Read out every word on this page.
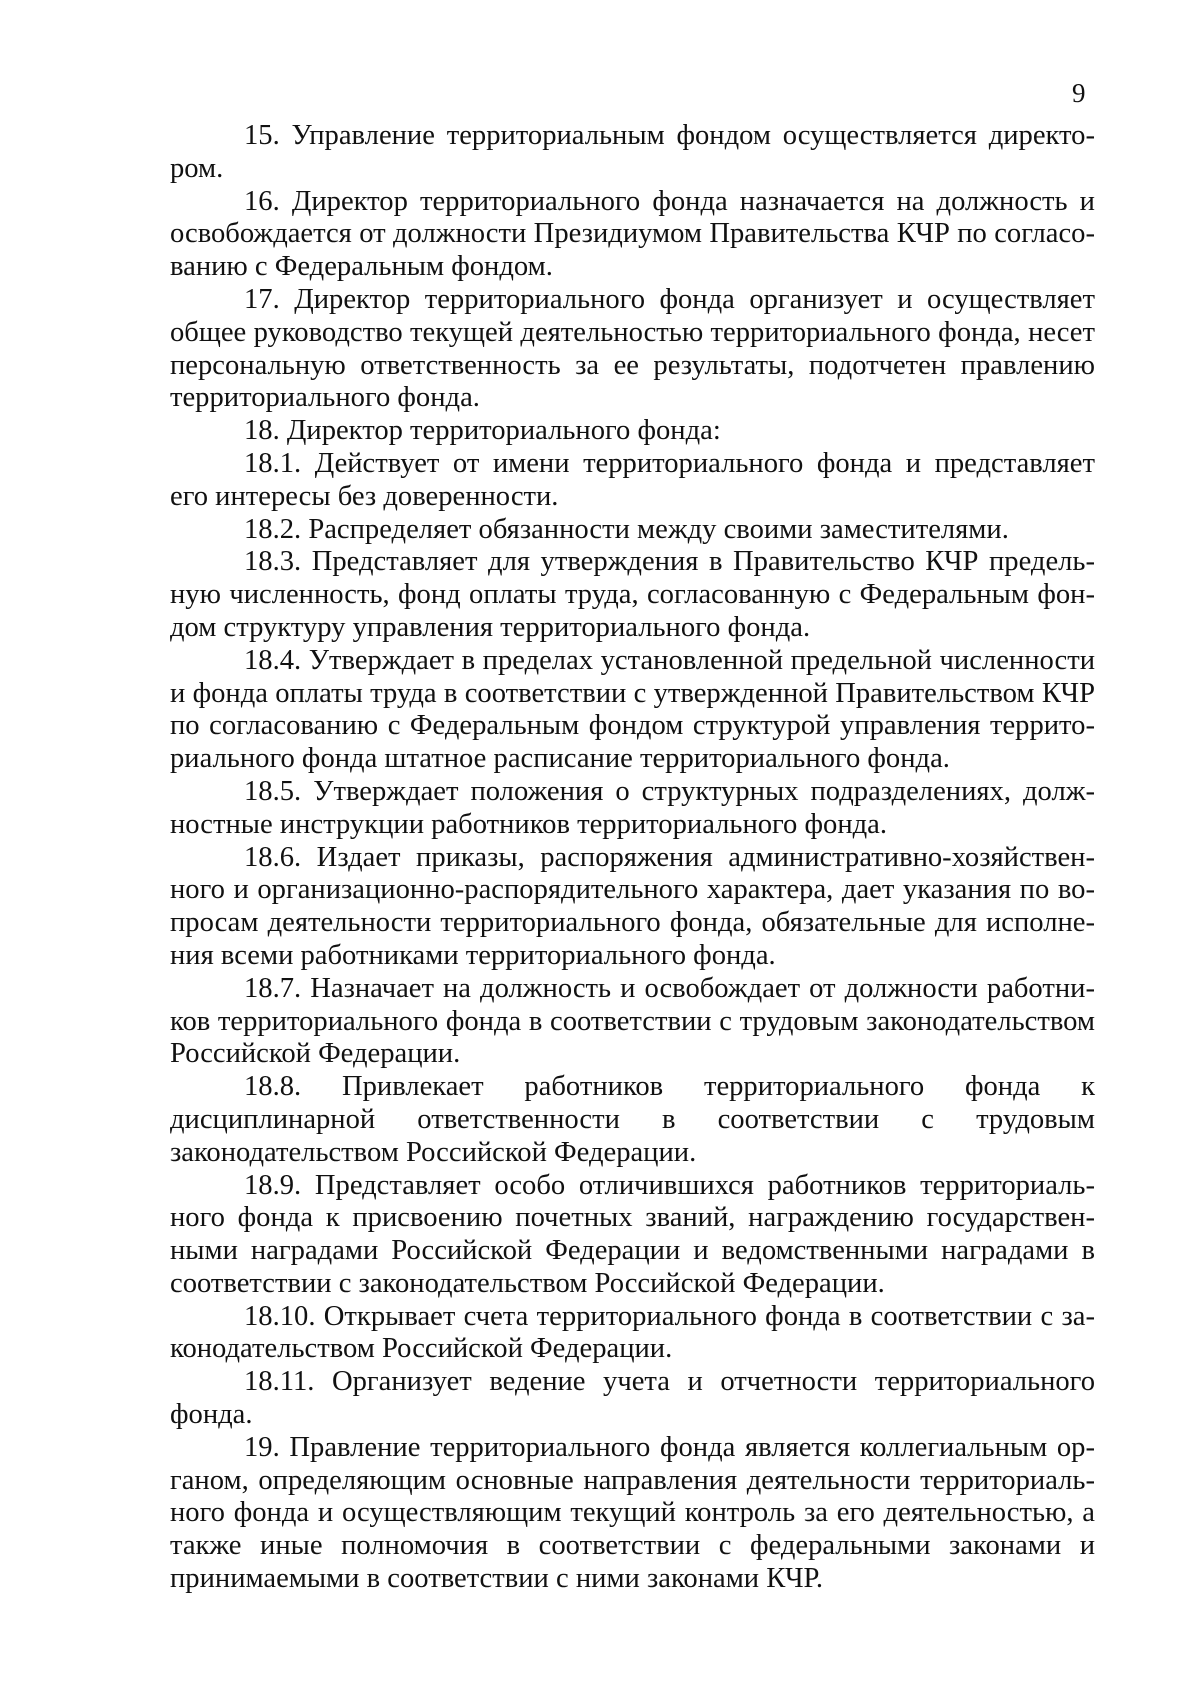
9

15. Управление территориальным фондом осуществляется директором.

16. Директор территориального фонда назначается на должность и освобождается от должности Президиумом Правительства КЧР по согласованию с Федеральным фондом.

17. Директор территориального фонда организует и осуществляет общее руководство текущей деятельностью территориального фонда, несет персональную ответственность за ее результаты, подотчетен правлению территориального фонда.

18. Директор территориального фонда:

18.1. Действует от имени территориального фонда и представляет его интересы без доверенности.

18.2. Распределяет обязанности между своими заместителями.

18.3. Представляет для утверждения в Правительство КЧР предельную численность, фонд оплаты труда, согласованную с Федеральным фондом структуру управления территориального фонда.

18.4. Утверждает в пределах установленной предельной численности и фонда оплаты труда в соответствии с утвержденной Правительством КЧР по согласованию с Федеральным фондом структурой управления территориального фонда штатное расписание территориального фонда.

18.5. Утверждает положения о структурных подразделениях, должностные инструкции работников территориального фонда.

18.6. Издает приказы, распоряжения административно-хозяйственного и организационно-распорядительного характера, дает указания по вопросам деятельности территориального фонда, обязательные для исполнения всеми работниками территориального фонда.

18.7. Назначает на должность и освобождает от должности работников территориального фонда в соответствии с трудовым законодательством Российской Федерации.

18.8. Привлекает работников территориального фонда к дисциплинарной ответственности в соответствии с трудовым законодательством Российской Федерации.

18.9. Представляет особо отличившихся работников территориального фонда к присвоению почетных званий, награждению государственными наградами Российской Федерации и ведомственными наградами в соответствии с законодательством Российской Федерации.

18.10. Открывает счета территориального фонда в соответствии с законодательством Российской Федерации.

18.11. Организует ведение учета и отчетности территориального фонда.

19. Правление территориального фонда является коллегиальным органом, определяющим основные направления деятельности территориального фонда и осуществляющим текущий контроль за его деятельностью, а также иные полномочия в соответствии с федеральными законами и принимаемыми в соответствии с ними законами КЧР.
